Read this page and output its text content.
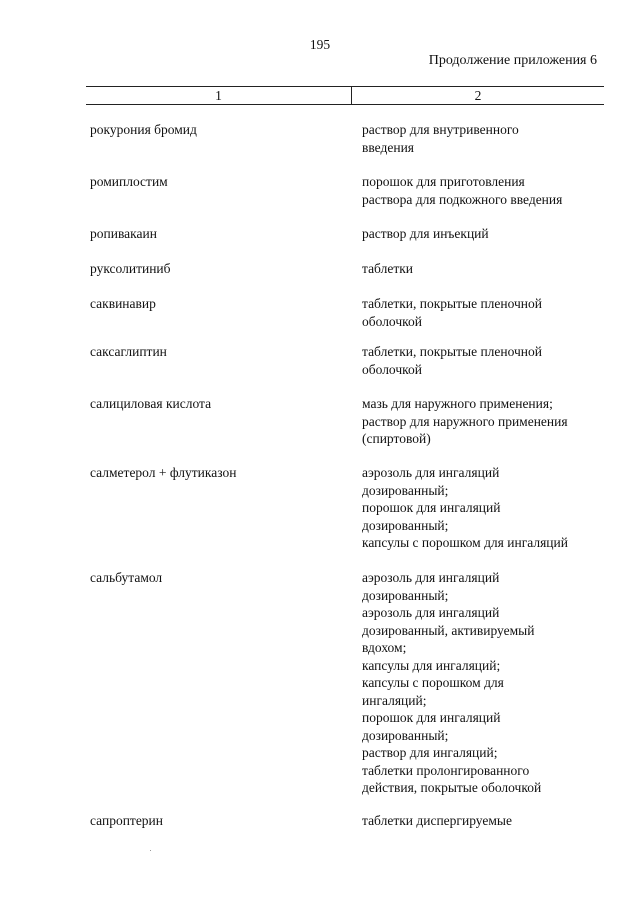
195
Продолжение приложения 6
1	2
рокурония бромид	раствор для внутривенного
введения
ромиплостим	порошок для приготовления
раствора для подкожного введения
ропивакаин	раствор для инъекций
руксолитиниб	таблетки
саквинавир	таблетки, покрытые пленочной
оболочкой
саксаглиптин	таблетки, покрытые пленочной
оболочкой
салициловая кислота	мазь для наружного применения;
раствор для наружного применения
(спиртовой)
салметерол + флутиказон	аэрозоль для ингаляций
дозированный;
порошок для ингаляций
дозированный;
капсулы с порошком для ингаляций
сальбутамол	аэрозоль для ингаляций
дозированный;
аэрозоль для ингаляций
дозированный, активируемый
вдохом;
капсулы для ингаляций;
капсулы с порошком для
ингаляций;
порошок для ингаляций
дозированный;
раствор для ингаляций;
таблетки пролонгированного
действия, покрытые оболочкой
сапроптерин	таблетки диспергируемые
